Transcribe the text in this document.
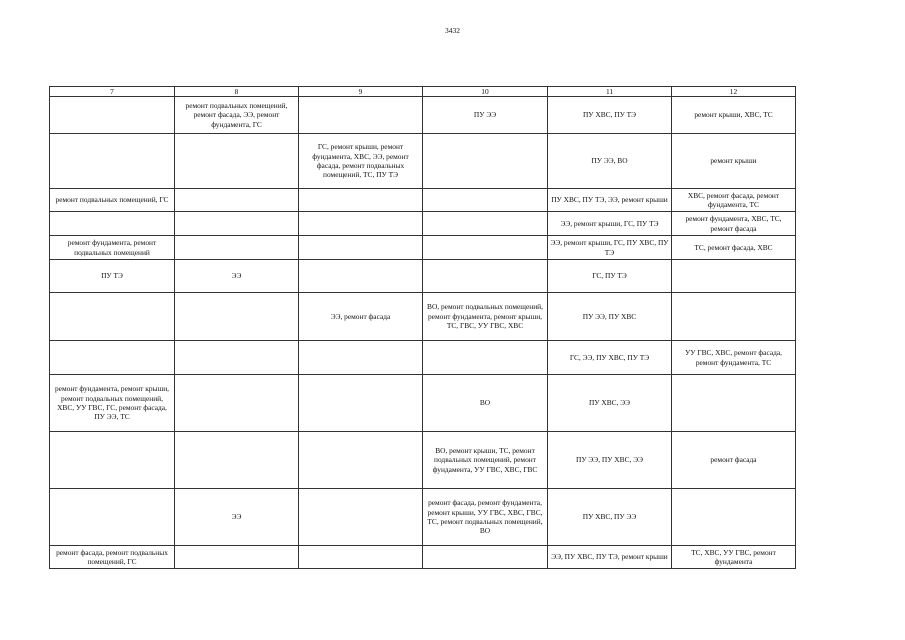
3432
7	8	9	10	11	12
	ремонт подвальных помещений, ремонт фасада, ЭЭ, ремонт фундамента, ГС		ПУ ЭЭ	ПУ ХВС, ПУ ТЭ	ремонт крыши, ХВС, ТС
		ГС, ремонт крыши, ремонт фундамента, ХВС, ЭЭ, ремонт фасада, ремонт подвальных помещений, ТС, ПУ ТЭ		ПУ ЭЭ, ВО	ремонт крыши
ремонт подвальных помещений, ГС				ПУ ХВС, ПУ ТЭ, ЭЭ, ремонт крыши	ХВС, ремонт фасада, ремонт фундамента, ТС
				ЭЭ, ремонт крыши, ГС, ПУ ТЭ	ремонт фундамента, ХВС, ТС, ремонт фасада
ремонт фундамента, ремонт подвальных помещений				ЭЭ, ремонт крыши, ГС, ПУ ХВС, ПУ ТЭ	ТС, ремонт фасада, ХВС
ПУ ТЭ	ЭЭ			ГС, ПУ ТЭ	
		ЭЭ, ремонт фасада	ВО, ремонт подвальных помещений, ремонт фундамента, ремонт крыши, ТС, ГВС, УУ ГВС, ХВС	ПУ ЭЭ, ПУ ХВС	
				ГС, ЭЭ, ПУ ХВС, ПУ ТЭ	УУ ГВС, ХВС, ремонт фасада, ремонт фундамента, ТС
ремонт фундамента, ремонт крыши, ремонт подвальных помещений, ХВС, УУ ГВС, ГС, ремонт фасада, ПУ ЭЭ, ТС			ВО	ПУ ХВС, ЭЭ	
			ВО, ремонт крыши, ТС, ремонт подвальных помещений, ремонт фундамента, УУ ГВС, ХВС, ГВС	ПУ ЭЭ, ПУ ХВС, ЭЭ	ремонт фасада
	ЭЭ		ремонт фасада, ремонт фундамента, ремонт крыши, УУ ГВС, ХВС, ГВС, ТС, ремонт подвальных помещений, ВО	ПУ ХВС, ПУ ЭЭ	
ремонт фасада, ремонт подвальных помещений, ГС				ЭЭ, ПУ ХВС, ПУ ТЭ, ремонт крыши	ТС, ХВС, УУ ГВС, ремонт фундамента
